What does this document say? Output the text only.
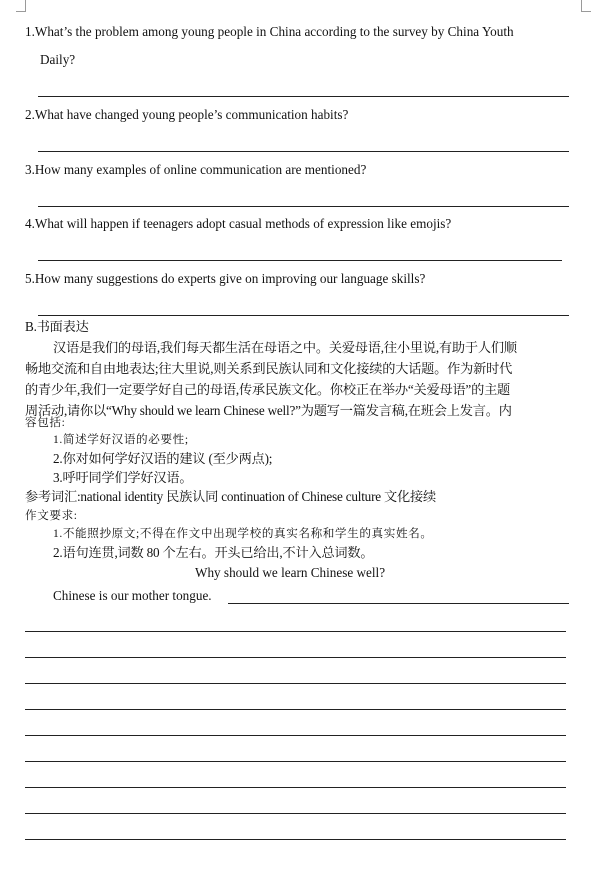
1.What’s the problem among young people in China according to the survey by China Youth
Daily?
2.What have changed young people’s communication habits?
3.How many examples of online communication are mentioned?
4.What will happen if teenagers adopt casual methods of expression like emojis?
5.How many suggestions do experts give on improving our language skills?
B.书面表达
汉语是我们的母语,我们每天都生活在母语之中。关爱母语,往小里说,有助于人们顺
畅地交流和自由地表达;往大里说,则关系到民族认同和文化接续的大话题。作为新时代
的青少年,我们一定要学好自己的母语,传承民族文化。你校正在举办“关爱母语”的主题
周活动,请你以“Why should we learn Chinese well?”为题写一篇发言稿,在班会上发言。内
容包括:
1.简述学好汉语的必要性;
2.你对如何学好汉语的建议 (至少两点);
3.呼吁同学们学好汉语。
参考词汇:national identity 民族认同 continuation of Chinese culture 文化接续
作文要求:
1.不能照抄原文;不得在作文中出现学校的真实名称和学生的真实姓名。
2.语句连贯,词数 80 个左右。开头已给出,不计入总词数。
Why should we learn Chinese well?
Chinese is our mother tongue.
